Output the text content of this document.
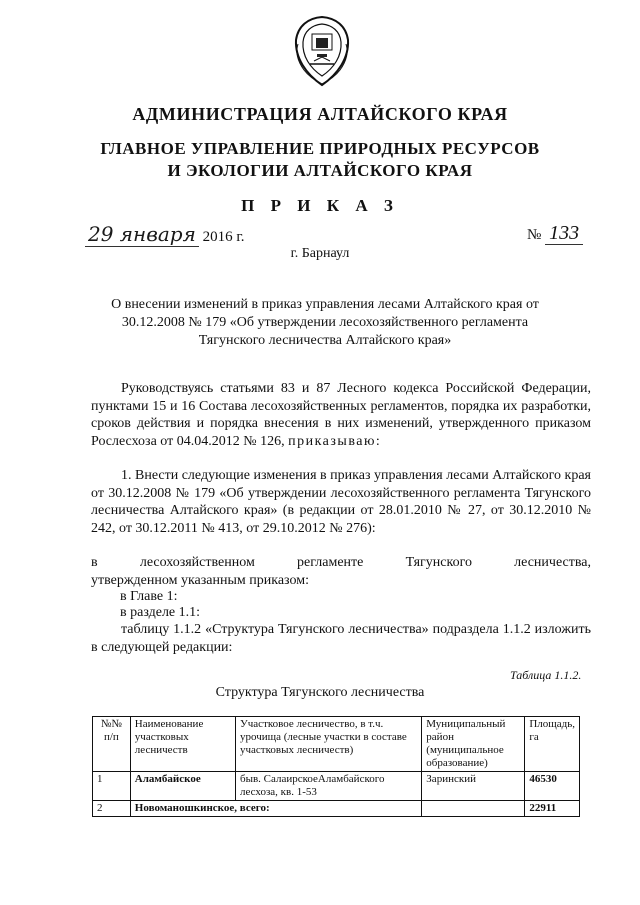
АДМИНИСТРАЦИЯ АЛТАЙСКОГО КРАЯ
ГЛАВНОЕ УПРАВЛЕНИЕ ПРИРОДНЫХ РЕСУРСОВ
И ЭКОЛОГИИ АЛТАЙСКОГО КРАЯ
П Р И К А З
29 января 2016 г.	№ 133
г. Барнаул
О внесении изменений в приказ управления лесами Алтайского края от 30.12.2008 № 179 «Об утверждении лесохозяйственного регламента Тягунского лесничества Алтайского края»
Руководствуясь статьями 83 и 87 Лесного кодекса Российской Федерации, пунктами 15 и 16 Состава лесохозяйственных регламентов, порядка их разработки, сроков действия и порядка внесения в них изменений, утвержденного приказом Рослесхоза от 04.04.2012 № 126, приказываю:
1. Внести следующие изменения в приказ управления лесами Алтайского края от 30.12.2008 № 179 «Об утверждении лесохозяйственного регламента Тягунского лесничества Алтайского края» (в редакции от 28.01.2010 № 27, от 30.12.2010 № 242, от 30.12.2011 № 413, от 29.10.2012 № 276):
в	лесохозяйственном	регламенте	Тягунского	лесничества,
утвержденном указанным приказом:
в Главе 1:
в разделе 1.1:
таблицу 1.1.2 «Структура Тягунского лесничества» подраздела 1.1.2 изложить в следующей редакции:
Таблица 1.1.2.
Структура Тягунского лесничества
№№ п/п	Наименование участковых лесничеств	Участковое лесничество, в т.ч. урочища (лесные участки в составе участковых лесничеств)	Муниципальный район (муниципальное образование)	Площадь, га
1	Аламбайское	быв. СалаирскоеАламбайского лесхоза, кв. 1-53	Заринский	46530
2	Новоманошкинское, всего:			22911
